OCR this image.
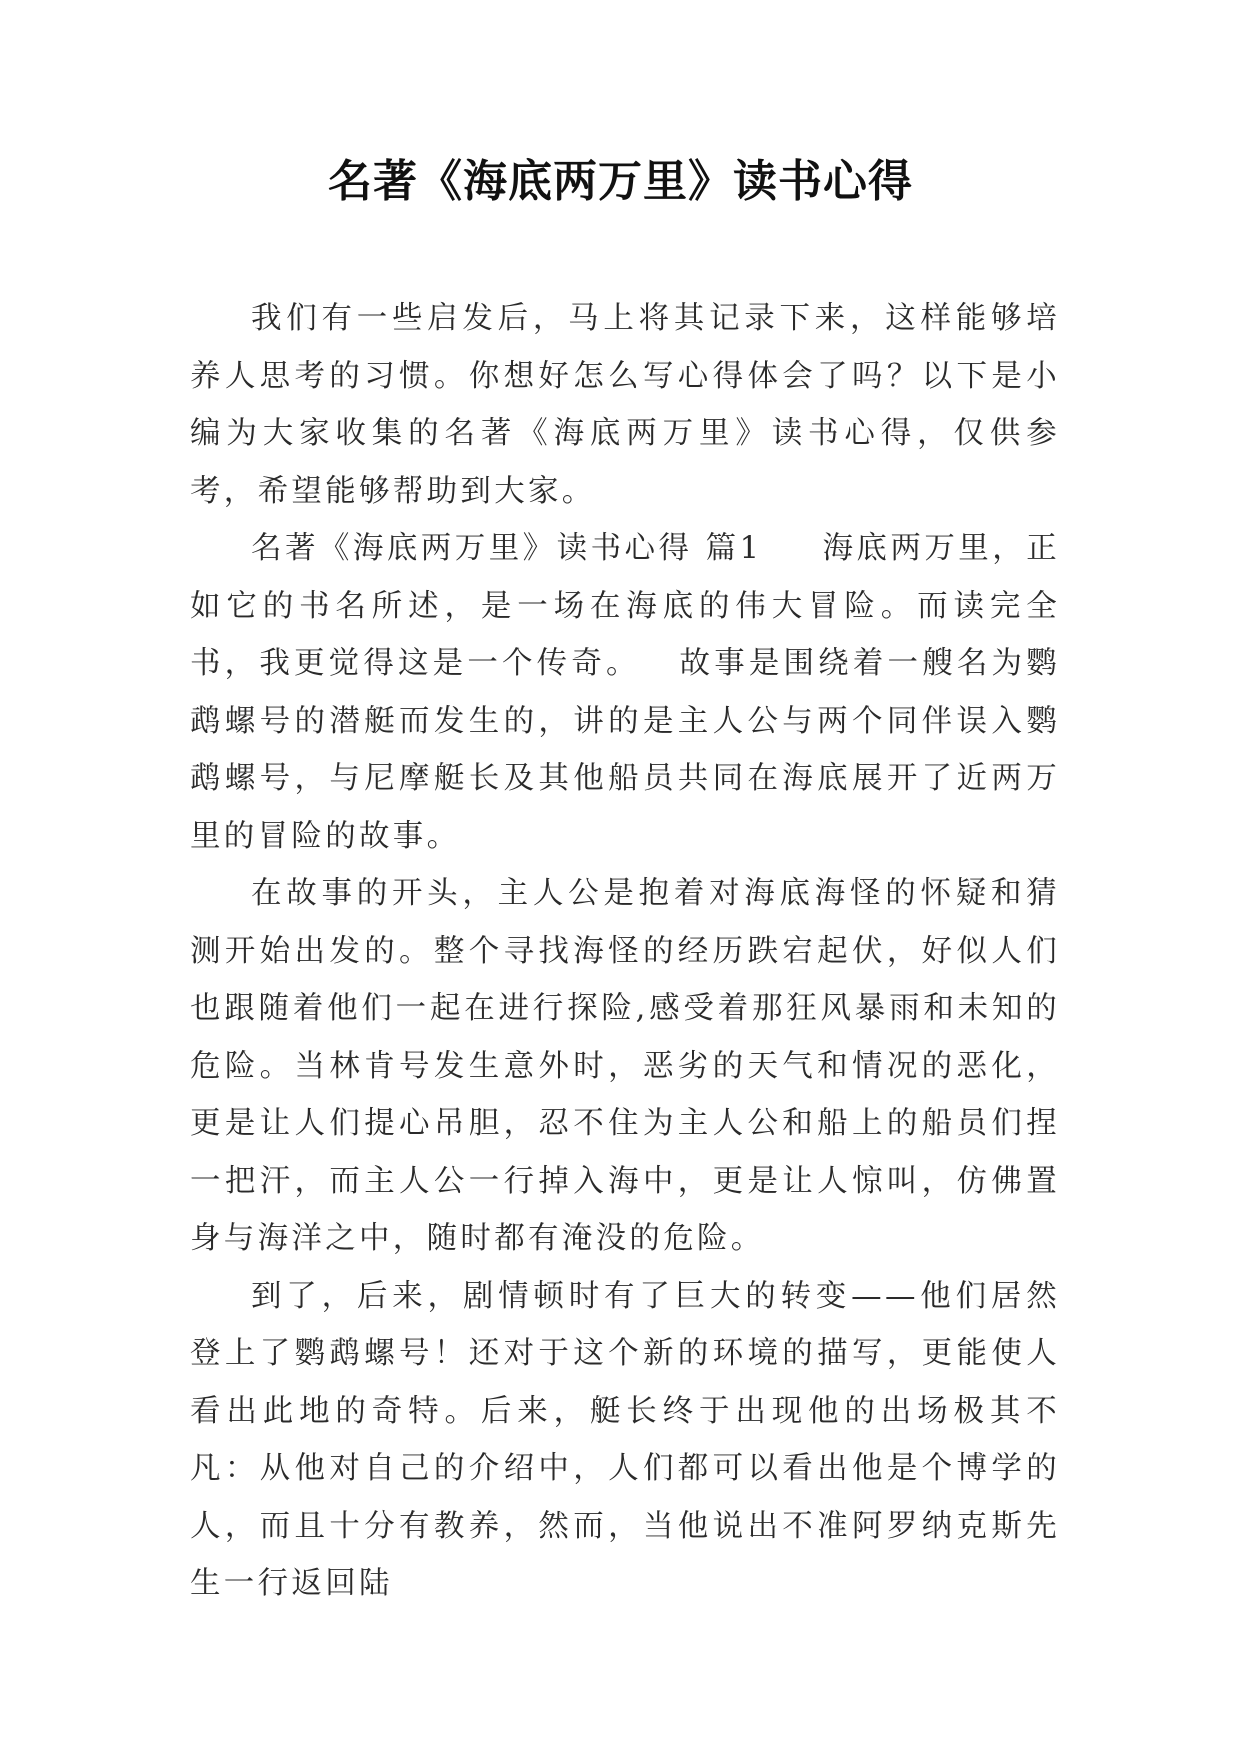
名著《海底两万里》读书心得

我们有一些启发后，马上将其记录下来，这样能够培养人思考的习惯。你想好怎么写心得体会了吗？以下是小编为大家收集的名著《海底两万里》读书心得，仅供参考，希望能够帮助到大家。

名著《海底两万里》读书心得 篇1 海底两万里，正如它的书名所述，是一场在海底的伟大冒险。而读完全书，我更觉得这是一个传奇。 故事是围绕着一艘名为鹦鹉螺号的潜艇而发生的，讲的是主人公与两个同伴误入鹦鹉螺号，与尼摩艇长及其他船员共同在海底展开了近两万里的冒险的故事。

在故事的开头，主人公是抱着对海底海怪的怀疑和猜测开始出发的。整个寻找海怪的经历跌宕起伏，好似人们也跟随着他们一起在进行探险,感受着那狂风暴雨和未知的危险。当林肯号发生意外时，恶劣的天气和情况的恶化，更是让人们提心吊胆，忍不住为主人公和船上的船员们捏一把汗，而主人公一行掉入海中，更是让人惊叫，仿佛置身与海洋之中，随时都有淹没的危险。

到了，后来，剧情顿时有了巨大的转变——他们居然登上了鹦鹉螺号！还对于这个新的环境的描写，更能使人看出此地的奇特。后来，艇长终于出现他的出场极其不凡：从他对自己的介绍中，人们都可以看出他是个博学的人，而且十分有教养，然而，当他说出不准阿罗纳克斯先生一行返回陆
